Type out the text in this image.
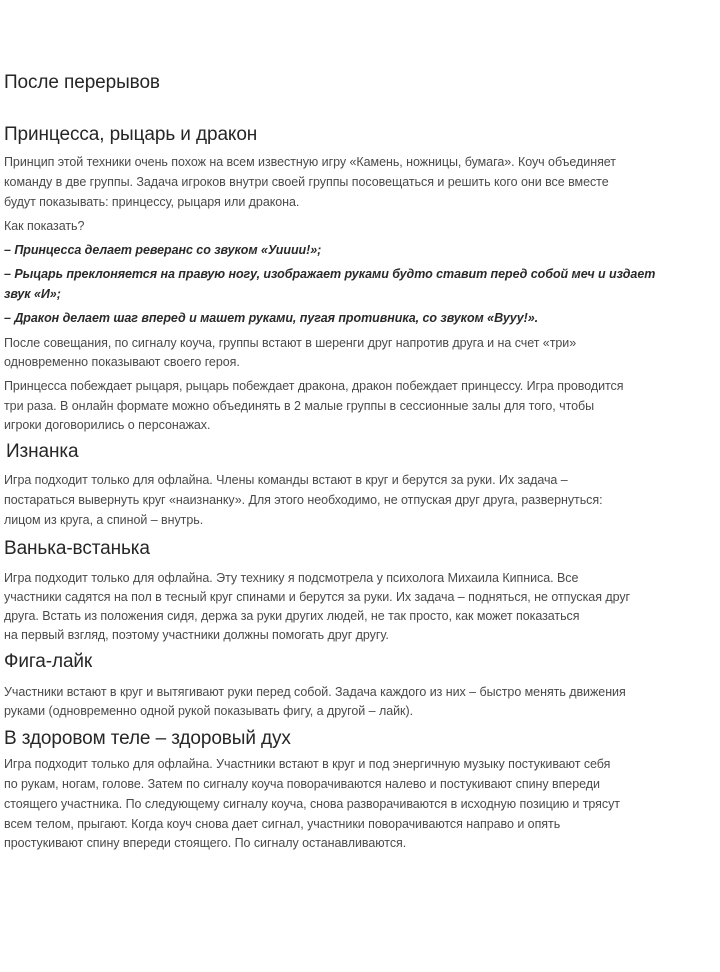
После перерывов
Принцесса, рыцарь и дракон

Принцип этой техники очень похож на всем известную игру «Камень, ножницы, бумага». Коуч объединяет

команду в две группы. Задача игроков внутри своей группы посовещаться и решить кого они все вместе

будут показывать: принцессу, рыцаря или дракона.

Как показать?

– Принцесса делает реверанс со звуком «Уииии!»;

– Рыцарь преклоняется на правую ногу, изображает руками будто ставит перед собой меч и издает

звук «И»;

– Дракон делает шаг вперед и машет руками, пугая противника, со звуком «Вууу!».

После совещания, по сигналу коуча, группы встают в шеренги друг напротив друга и на счет «три»

одновременно показывают своего героя.

Принцесса побеждает рыцаря, рыцарь побеждает дракона, дракон побеждает принцессу. Игра проводится

три раза. В онлайн формате можно объединять в 2 малые группы в сессионные залы для того, чтобы

игроки договорились о персонажах.

Изнанка

Игра подходит только для офлайна. Члены команды встают в круг и берутся за руки. Их задача –

постараться вывернуть круг «наизнанку». Для этого необходимо, не отпуская друг друга, развернуться:

лицом из круга, а спиной – внутрь.

Ванька-встанька

Игра подходит только для офлайна. Эту технику я подсмотрела у психолога Михаила Кипниса. Все

участники садятся на пол в тесный круг спинами и берутся за руки. Их задача – подняться, не отпуская друг

друга. Встать из положения сидя, держа за руки других людей, не так просто, как может показаться

на первый взгляд, поэтому участники должны помогать друг другу.

Фига-лайк

Участники встают в круг и вытягивают руки перед собой. Задача каждого из них – быстро менять движения

руками (одновременно одной рукой показывать фигу, а другой – лайк).

В здоровом теле – здоровый дух

Игра подходит только для офлайна. Участники встают в круг и под энергичную музыку постукивают себя

по рукам, ногам, голове. Затем по сигналу коуча поворачиваются налево и постукивают спину впереди

стоящего участника. По следующему сигналу коуча, снова разворачиваются в исходную позицию и трясут

всем телом, прыгают. Когда коуч снова дает сигнал, участники поворачиваются направо и опять

простукивают спину впереди стоящего. По сигналу останавливаются.
